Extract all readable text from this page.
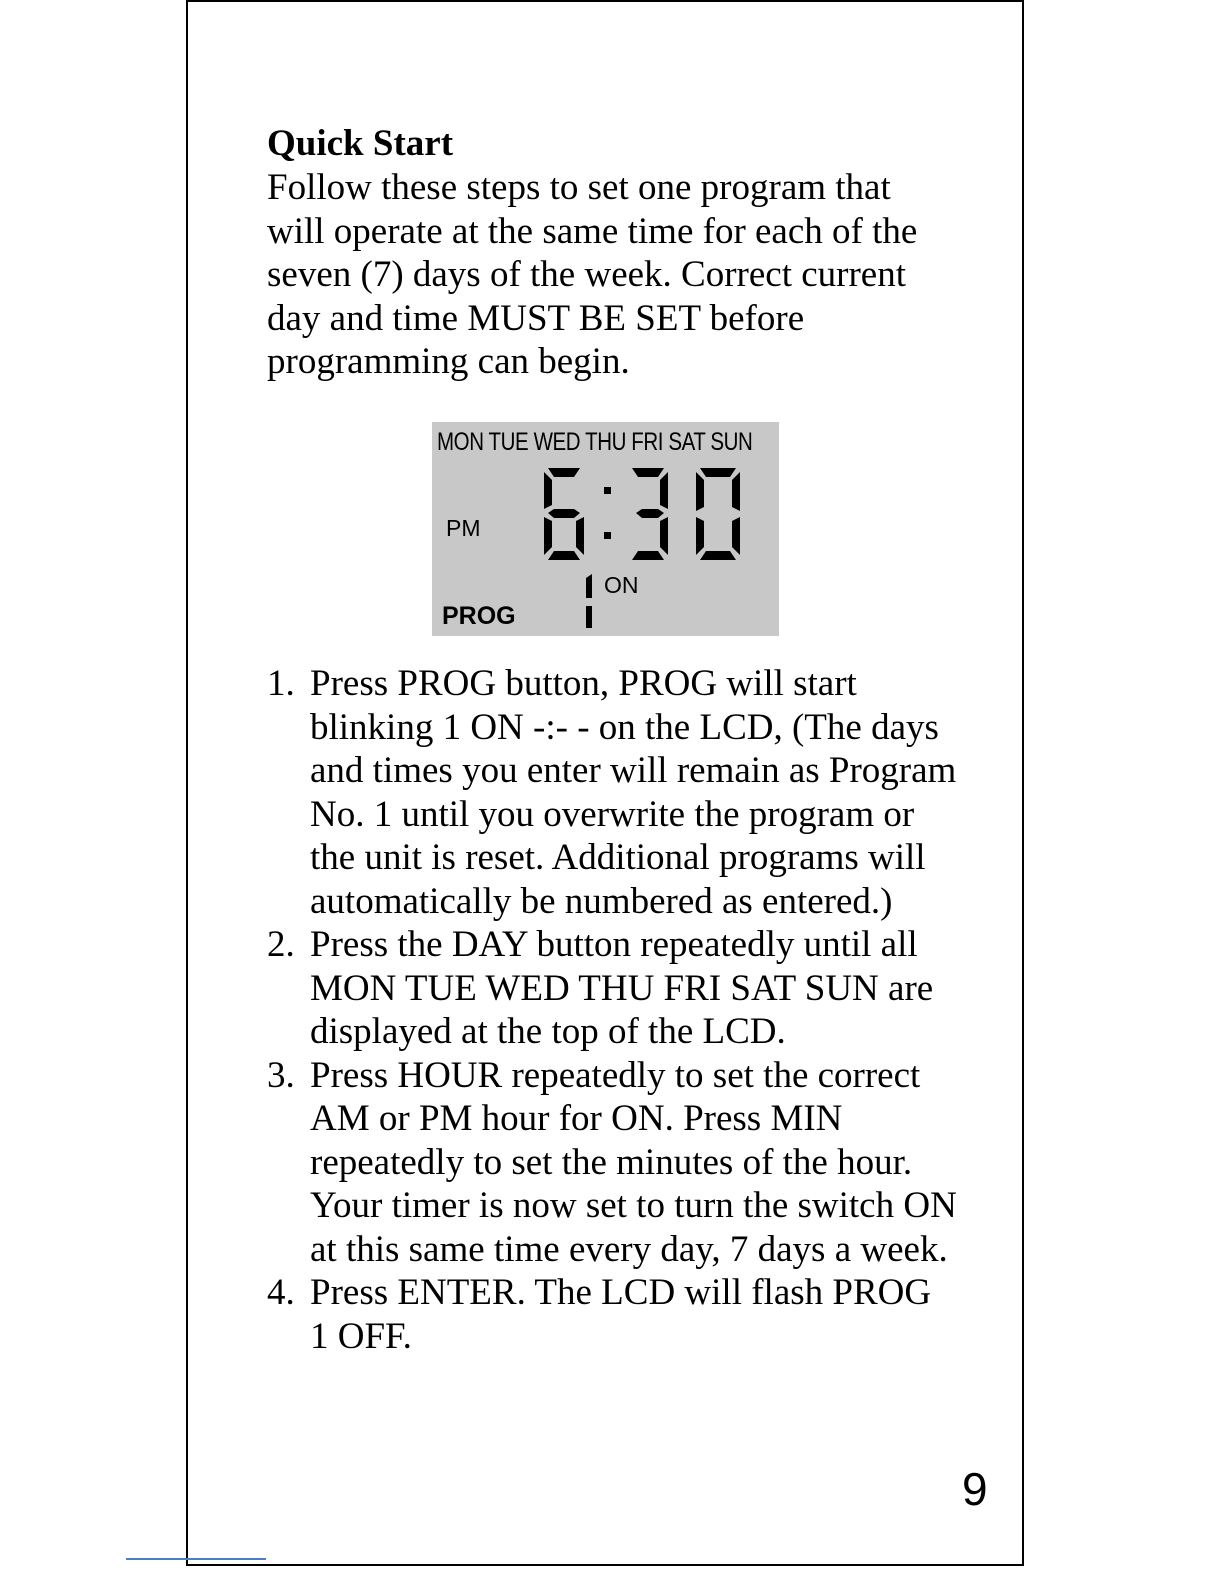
Quick Start

Follow these steps to set one program that will operate at the same time for each of the seven (7) days of the week. Correct current day and time MUST BE SET before programming can begin.

MON TUE WED THU FRI SAT SUN
PM
ON
PROG
1. Press PROG button, PROG will start blinking 1 ON -:- - on the LCD, (The days and times you enter will remain as Program No. 1 until you overwrite the program or the unit is reset. Additional programs will automatically be numbered as entered.)
2. Press the DAY button repeatedly until all MON TUE WED THU FRI SAT SUN are displayed at the top of the LCD.
3. Press HOUR repeatedly to set the correct AM or PM hour for ON. Press MIN repeatedly to set the minutes of the hour. Your timer is now set to turn the switch ON at this same time every day, 7 days a week.
4. Press ENTER. The LCD will flash PROG 1 OFF.
9
